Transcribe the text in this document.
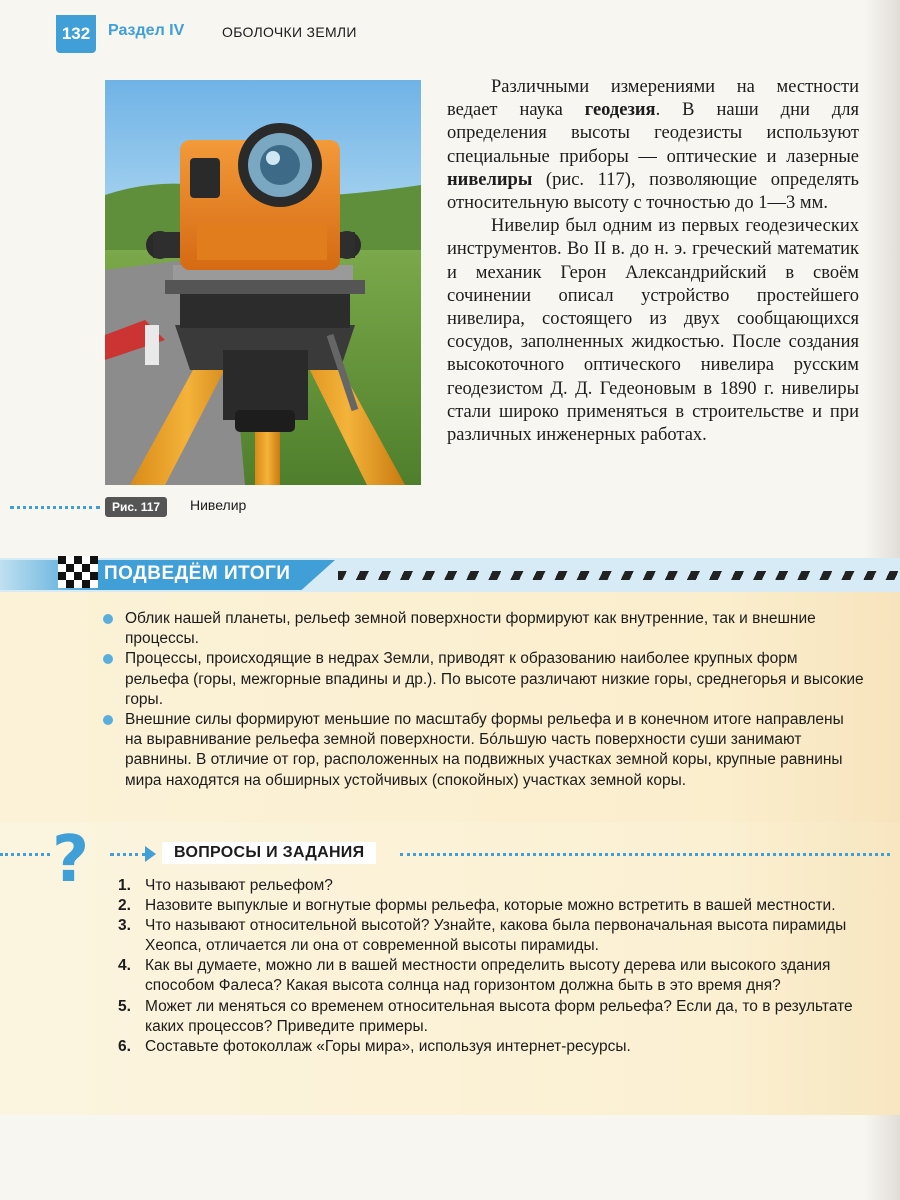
132	Раздел IV	ОБОЛОЧКИ ЗЕМЛИ
Рис. 117	Нивелир

Различными измерениями на местности ведает наука геодезия. В наши дни для определения высоты геодезисты используют специальные приборы — оптические и лазерные нивелиры (рис. 117), позволяющие определять относительную высоту с точностью до 1—3 мм.

Нивелир был одним из первых геодезических инструментов. Во II в. до н. э. греческий математик и механик Герон Александрийский в своём сочинении описал устройство простейшего нивелира, состоящего из двух сообщающихся сосудов, заполненных жидкостью. После создания высокоточного оптического нивелира русским геодезистом Д. Д. Гедеоновым в 1890 г. нивелиры стали широко применяться в строительстве и при различных инженерных работах.

ПОДВЕДЁМ ИТОГИ
Облик нашей планеты, рельеф земной поверхности формируют как внутренние, так и внешние процессы.
Процессы, происходящие в недрах Земли, приводят к образованию наиболее крупных форм рельефа (горы, межгорные впадины и др.). По высоте различают низкие горы, среднегорья и высокие горы.
Внешние силы формируют меньшие по масштабу формы рельефа и в конечном итоге направлены на выравнивание рельефа земной поверхности. Бóльшую часть поверхности суши занимают равнины. В отличие от гор, расположенных на подвижных участках земной коры, крупные равнины мира находятся на обширных устойчивых (спокойных) участках земной коры.
?	ВОПРОСЫ И ЗАДАНИЯ
1. Что называют рельефом?
2. Назовите выпуклые и вогнутые формы рельефа, которые можно встретить в вашей местности.
3. Что называют относительной высотой? Узнайте, какова была первоначальная высота пирамиды Хеопса, отличается ли она от современной высоты пирамиды.
4. Как вы думаете, можно ли в вашей местности определить высоту дерева или высокого здания способом Фалеса? Какая высота солнца над горизонтом должна быть в это время дня?
5. Может ли меняться со временем относительная высота форм рельефа? Если да, то в результате каких процессов? Приведите примеры.
6. Составьте фотоколлаж «Горы мира», используя интернет-ресурсы.
